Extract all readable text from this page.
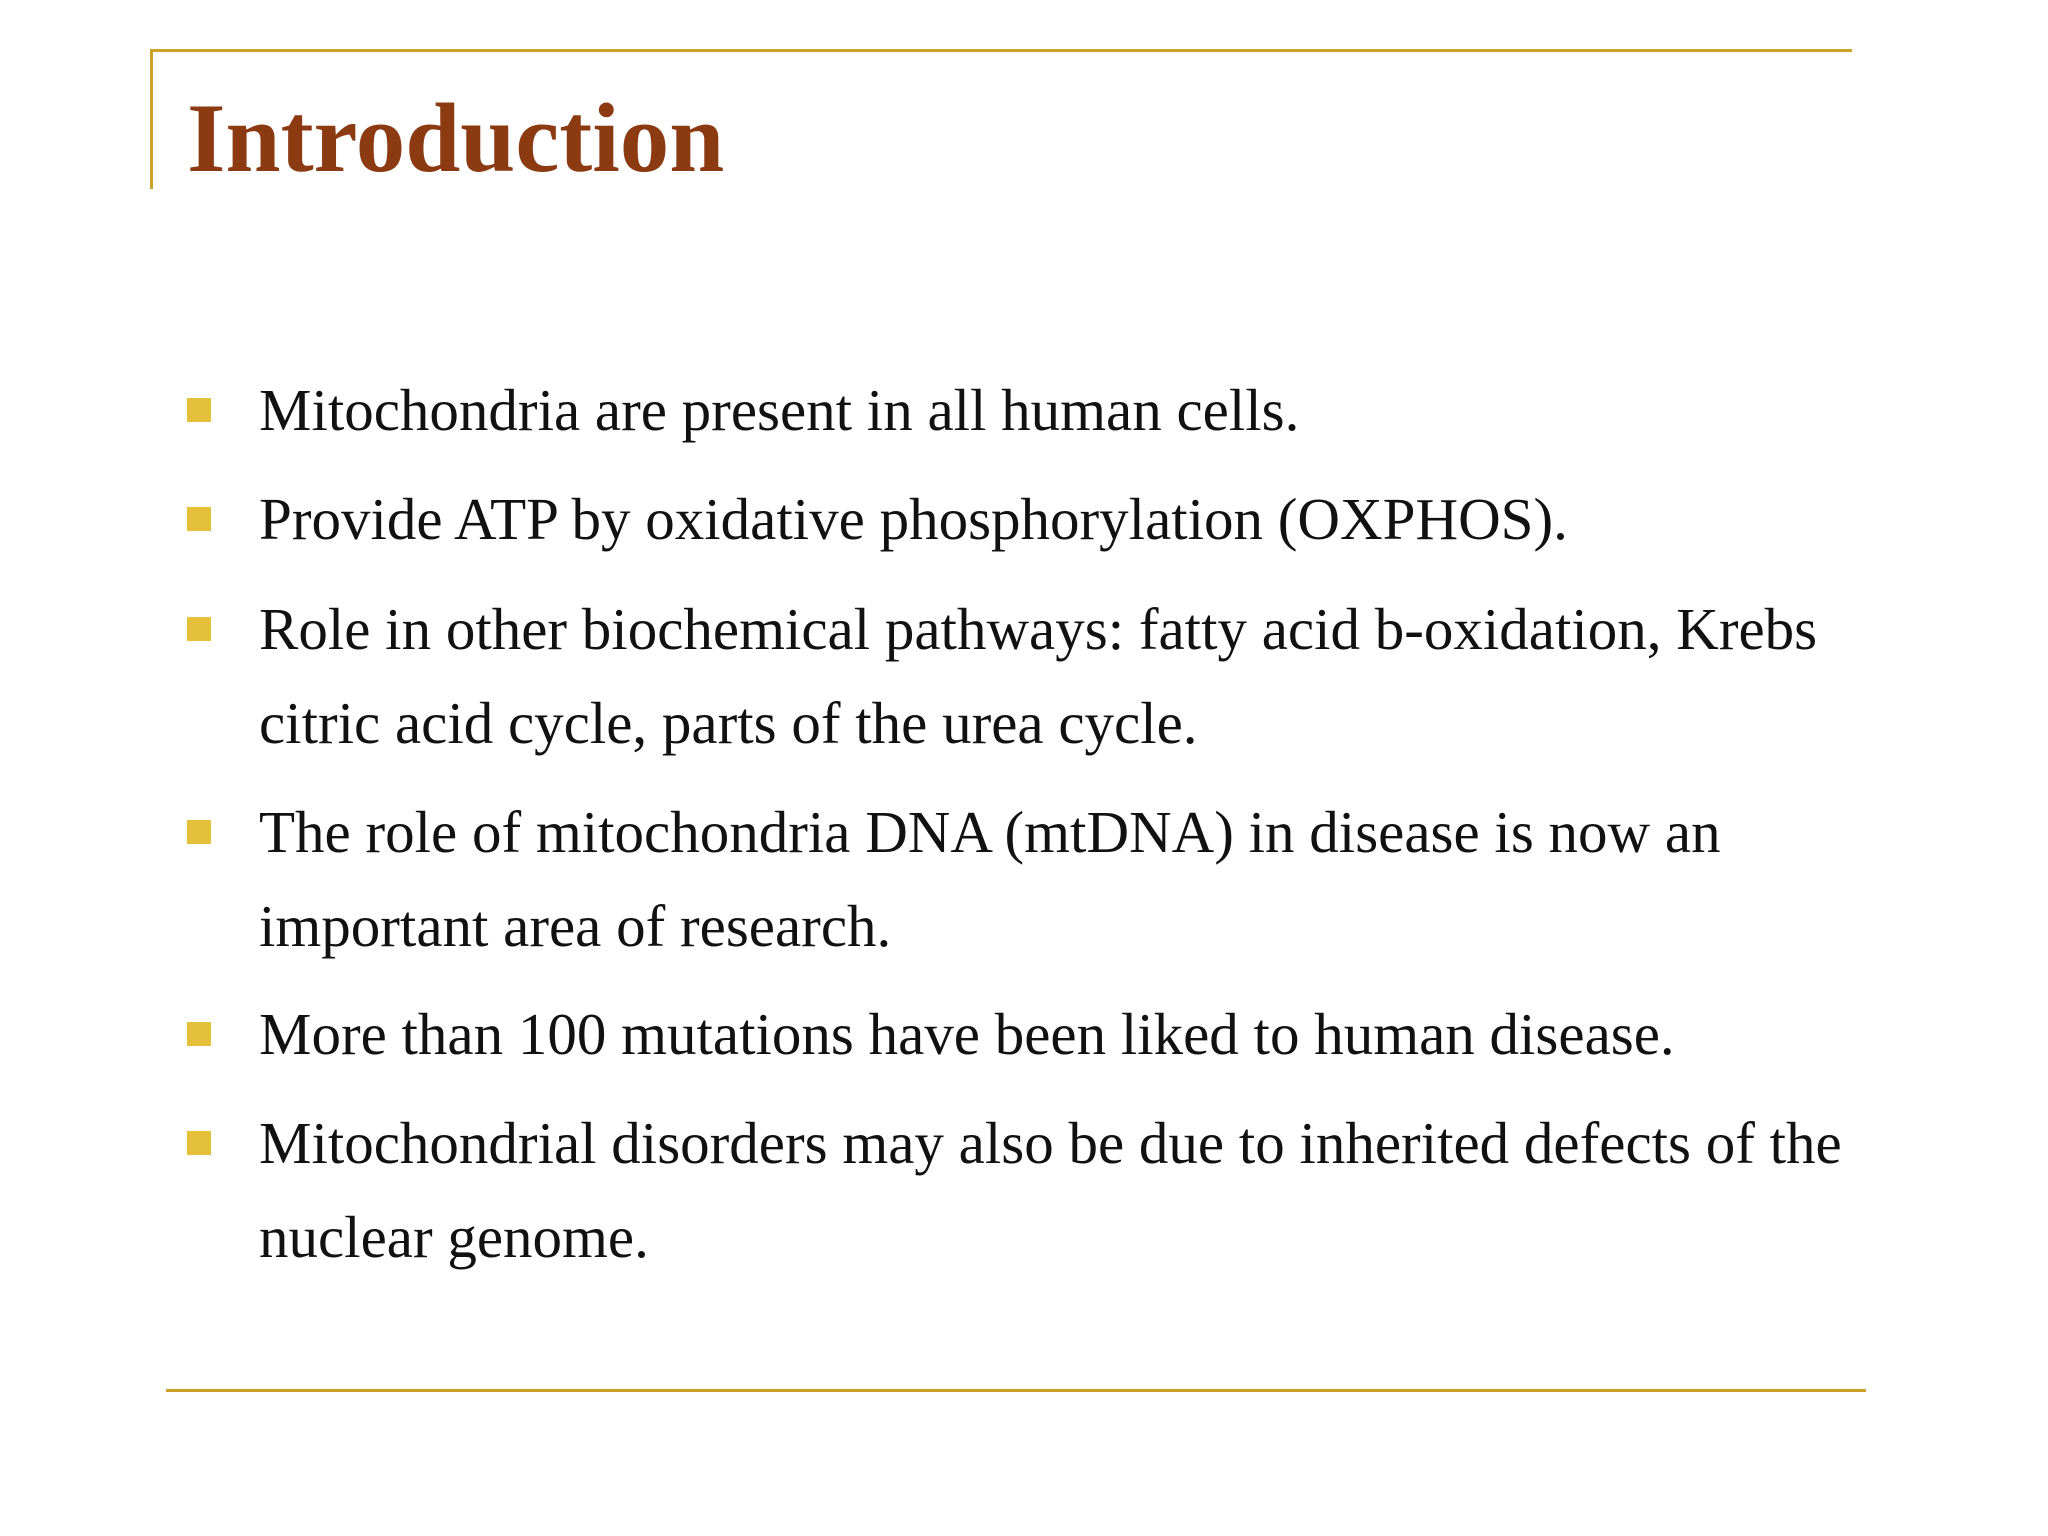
Introduction
Mitochondria are present in all human cells.
Provide ATP by oxidative phosphorylation (OXPHOS).
Role in other biochemical pathways: fatty acid b-oxidation, Krebs citric acid cycle, parts of the urea cycle.
The role of mitochondria DNA (mtDNA) in disease is now an important area of research.
More than 100 mutations have been liked to human disease.
Mitochondrial disorders may also be due to inherited defects of the nuclear genome.
